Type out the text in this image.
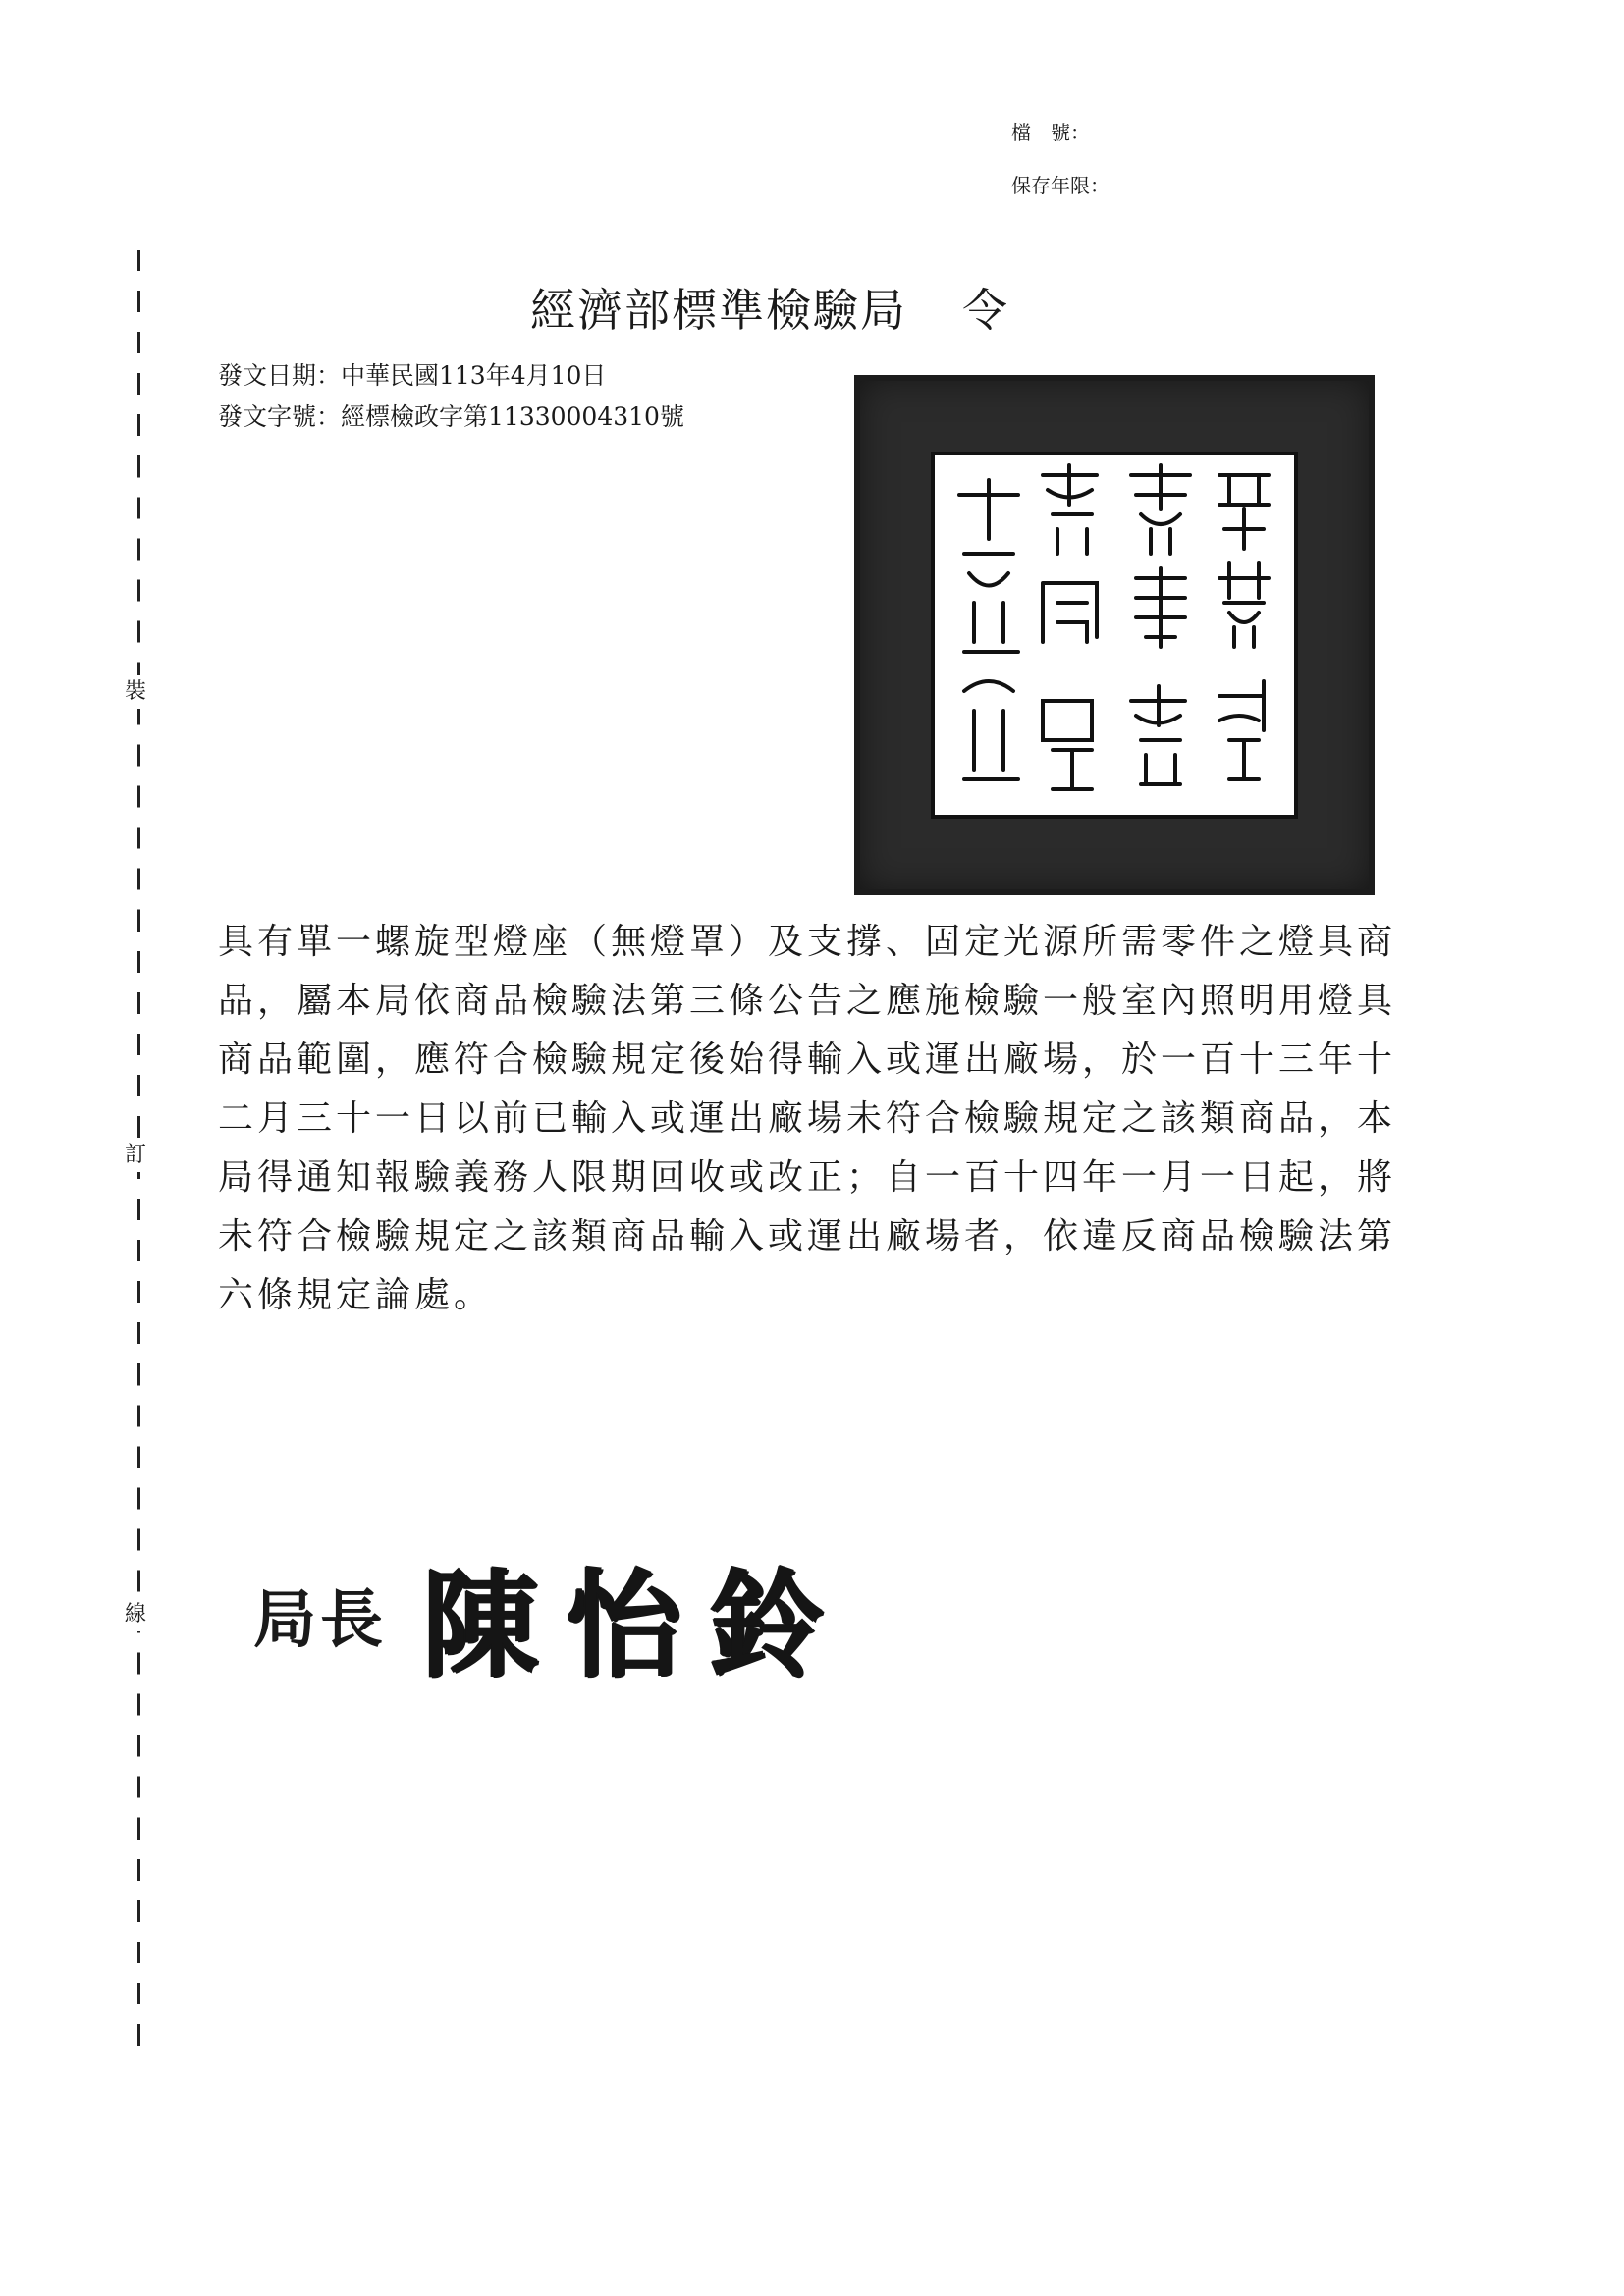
裝
訂
線
檔　號：
保存年限：
經濟部標準檢驗局 令
發文日期：中華民國113年4月10日
發文字號：經標檢政字第11330004310號
具有單一螺旋型燈座（無燈罩）及支撐、固定光源所需零件之燈具商品，屬本局依商品檢驗法第三條公告之應施檢驗一般室內照明用燈具商品範圍，應符合檢驗規定後始得輸入或運出廠場，於一百十三年十二月三十一日以前已輸入或運出廠場未符合檢驗規定之該類商品，本局得通知報驗義務人限期回收或改正；自一百十四年一月一日起，將未符合檢驗規定之該類商品輸入或運出廠場者，依違反商品檢驗法第六條規定論處。
局長 陳怡鈴
